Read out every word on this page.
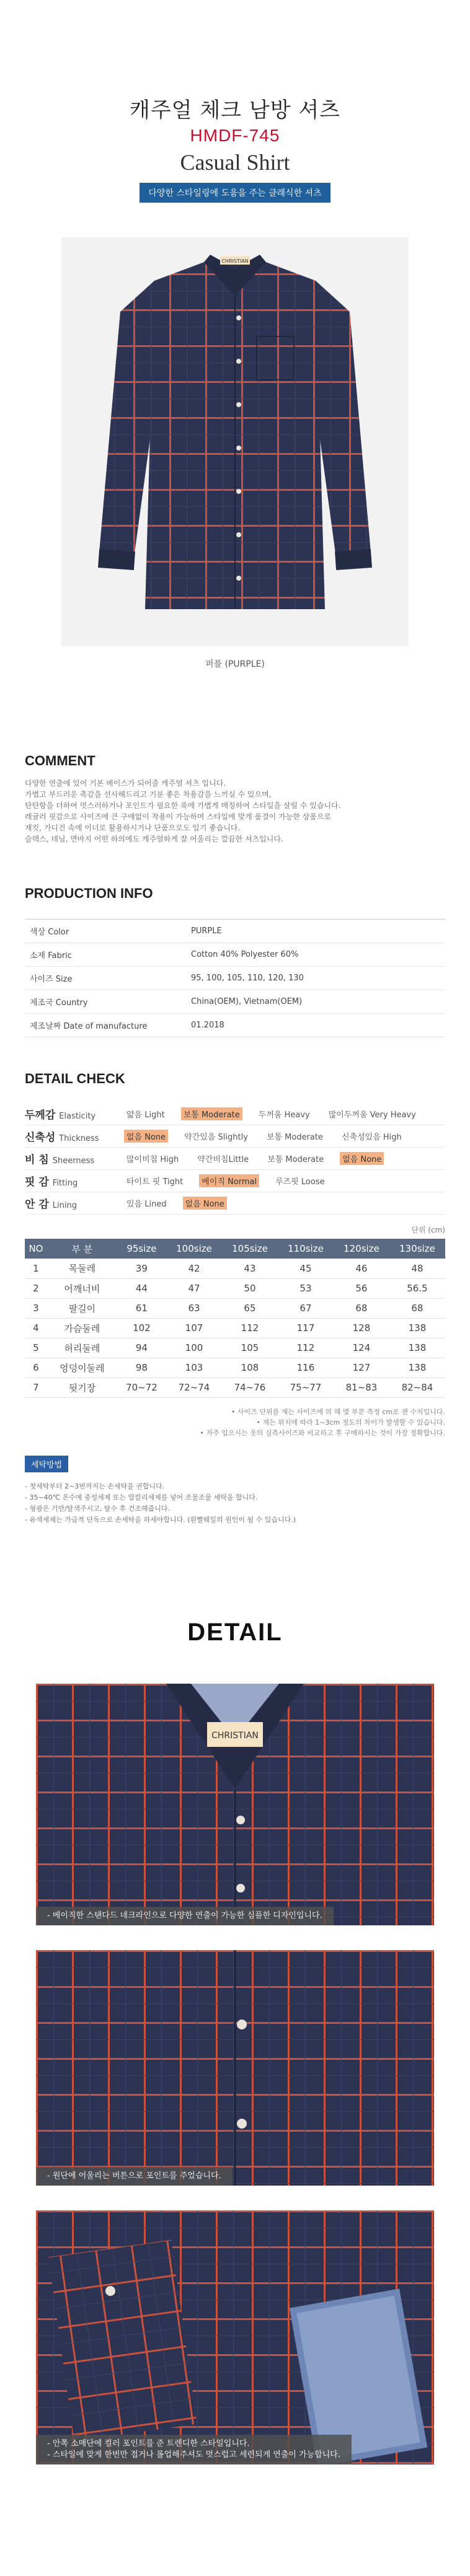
캐주얼 체크 남방 셔츠
HMDF-745
Casual Shirt
다양한 스타일링에 도움을 주는 클래식한 셔츠
CHRISTIAN
퍼플 (PURPLE)
COMMENT
다양한 연출에 있어 기본 베이스가 되어줄 캐주얼 셔츠 입니다.
가볍고 부드러운 촉감을 선사해드리고 기분 좋은 착용감을 느끼실 수 있으며,
탄탄함을 더하여 멋스러하거나 포인트가 필요한 룩에 가볍게 매칭하여 스타일을 살릴 수 있습니다.
레귤러 핏감으로 사이즈에 큰 구애없이 착용이 가능하며 스타일에 맞게 품걸이 가능한 상품으로
재킷, 가디건 속에 이너로 활용하시거나 단품으로도 입기 좋습니다.
슬랙스, 데님, 면바지 어떤 하의에도 캐주얼하게 잘 어울리는 깔끔한 셔츠입니다.
PRODUCTION INFO
색상 Color	PURPLE
소재 Fabric	Cotton 40% Polyester 60%
사이즈 Size	95, 100, 105, 110, 120, 130
제조국 Country	China(OEM), Vietnam(OEM)
제조날짜 Date of manufacture	01.2018
DETAIL CHECK
두께감 Elasticity	얇음 Light	보통 Moderate	두꺼움 Heavy	많이두꺼움 Very Heavy
신축성 Thickness	없음 None	약간있음 Slightly	보통 Moderate	신축성있음 High
비 침 Sheerness	많이비침 High	약간비침Little	보통 Moderate	없음 None
핏 감 Fitting	타이트 핏 Tight	베이직 Normal	루즈핏 Loose
안 감 Lining	있음 Lined	없음 None
단위 (cm)
NO	부 분	95size	100size	105size	110size	120size	130size
1	목둘레	39	42	43	45	46	48
2	어깨너비	44	47	50	53	56	56.5
3	팔길이	61	63	65	67	68	68
4	가슴둘레	102	107	112	117	128	138
5	허리둘레	94	100	105	112	124	138
6	엉덩이둘레	98	103	108	116	127	138
7	뒷기장	70~72	72~74	74~76	75~77	81~83	82~84
• 사이즈 단위를 재는 사이즈에 의 해 몇 부분 측정 cm로 잰 수치입니다.
• 재는 위치에 따라 1~3cm 정도의 차이가 발생할 수 있습니다.
• 자주 입으시는 옷의 실측사이즈와 비교하고 후 구매하시는 것이 가장 정확합니다.
세탁방법
- 첫세탁부터 2~3번까지는 손세탁을 권합니다.
- 35~40℃ 온수에 중성세제 또는 알칼리세제를 넣어 조물조물 세탁을 합니다.
- 형광은 기반/탈색주시고, 탈수 후 건조해줍니다.
- 유색세제는 가급적 단독으로 손세탁을 하세야합니다. (흰빨웨일의 원인이 될 수 있습니다.)
DETAIL
CHRISTIAN
- 베이직한 스탠다드 네크라인으로 다양한 연출이 가능한 심플한 디자인입니다.
- 원단에 어울리는 버튼으로 포인트를 주었습니다.
- 안쪽 소매단에 컬러 포인트를 준 트렌디한 스타일입니다.
- 스타일에 맞게 한번만 접거나 롤업해주셔도 멋스럽고 세련되게 연출이 가능합니다.
